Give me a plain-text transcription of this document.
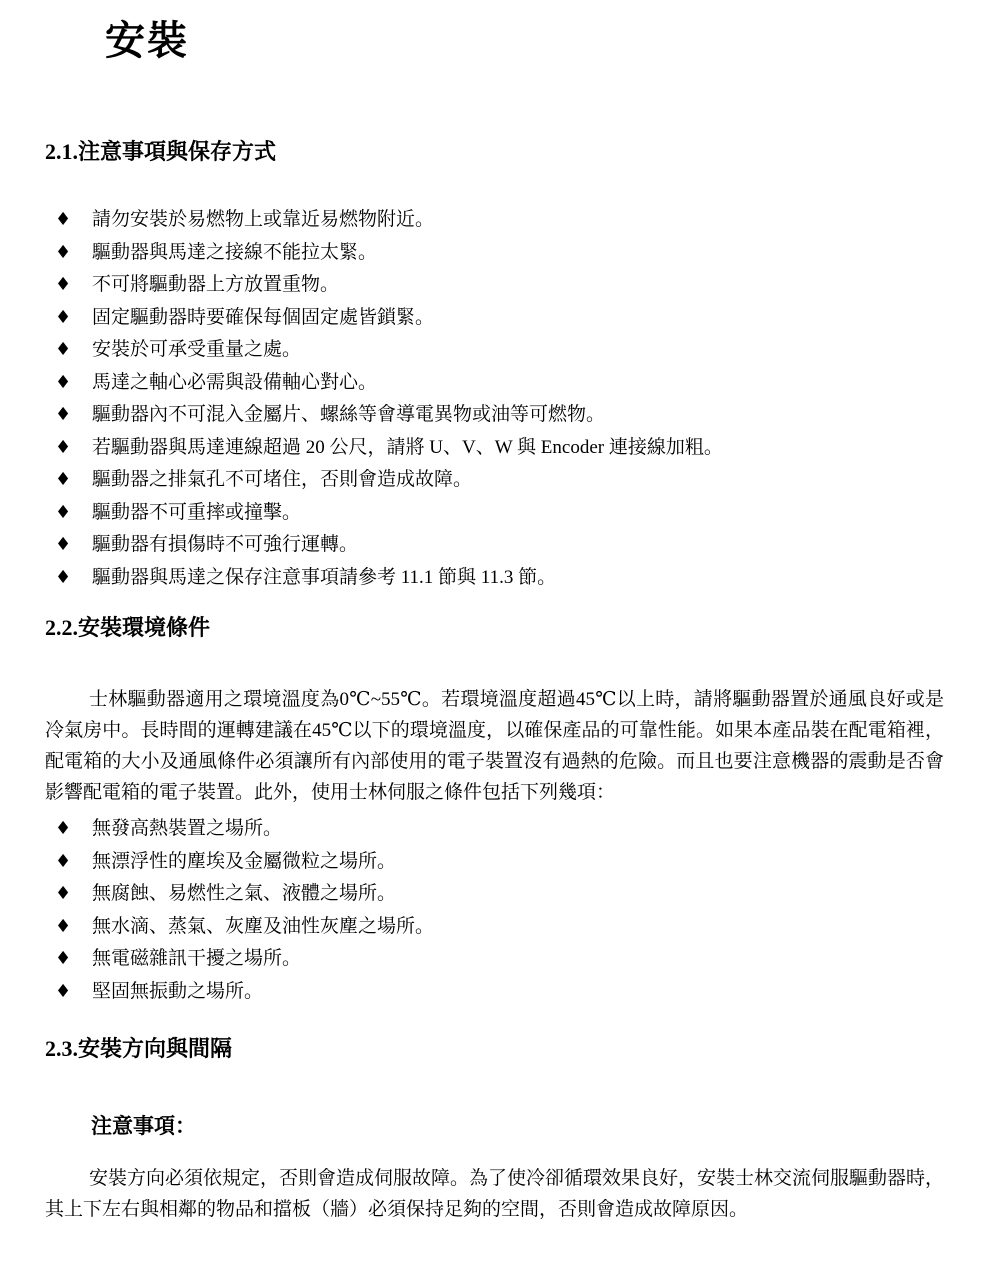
安裝
2.1.注意事項與保存方式
♦ 請勿安裝於易燃物上或靠近易燃物附近。
♦ 驅動器與馬達之接線不能拉太緊。
♦ 不可將驅動器上方放置重物。
♦ 固定驅動器時要確保每個固定處皆鎖緊。
♦ 安裝於可承受重量之處。
♦ 馬達之軸心必需與設備軸心對心。
♦ 驅動器內不可混入金屬片、螺絲等會導電異物或油等可燃物。
♦ 若驅動器與馬達連線超過 20 公尺，請將 U、V、W 與 Encoder 連接線加粗。
♦ 驅動器之排氣孔不可堵住，否則會造成故障。
♦ 驅動器不可重摔或撞擊。
♦ 驅動器有損傷時不可強行運轉。
♦ 驅動器與馬達之保存注意事項請參考 11.1 節與 11.3 節。
2.2.安裝環境條件

士林驅動器適用之環境溫度為0℃~55℃。若環境溫度超過45℃以上時，請將驅動器置於通風良好或是冷氣房中。長時間的運轉建議在45℃以下的環境溫度，以確保產品的可靠性能。如果本產品裝在配電箱裡，配電箱的大小及通風條件必須讓所有內部使用的電子裝置沒有過熱的危險。而且也要注意機器的震動是否會影響配電箱的電子裝置。此外，使用士林伺服之條件包括下列幾項：

♦ 無發高熱裝置之場所。
♦ 無漂浮性的塵埃及金屬微粒之場所。
♦ 無腐蝕、易燃性之氣、液體之場所。
♦ 無水滴、蒸氣、灰塵及油性灰塵之場所。
♦ 無電磁雜訊干擾之場所。
♦ 堅固無振動之場所。
2.3.安裝方向與間隔
注意事項：

安裝方向必須依規定，否則會造成伺服故障。為了使冷卻循環效果良好，安裝士林交流伺服驅動器時，其上下左右與相鄰的物品和擋板（牆）必須保持足夠的空間，否則會造成故障原因。
